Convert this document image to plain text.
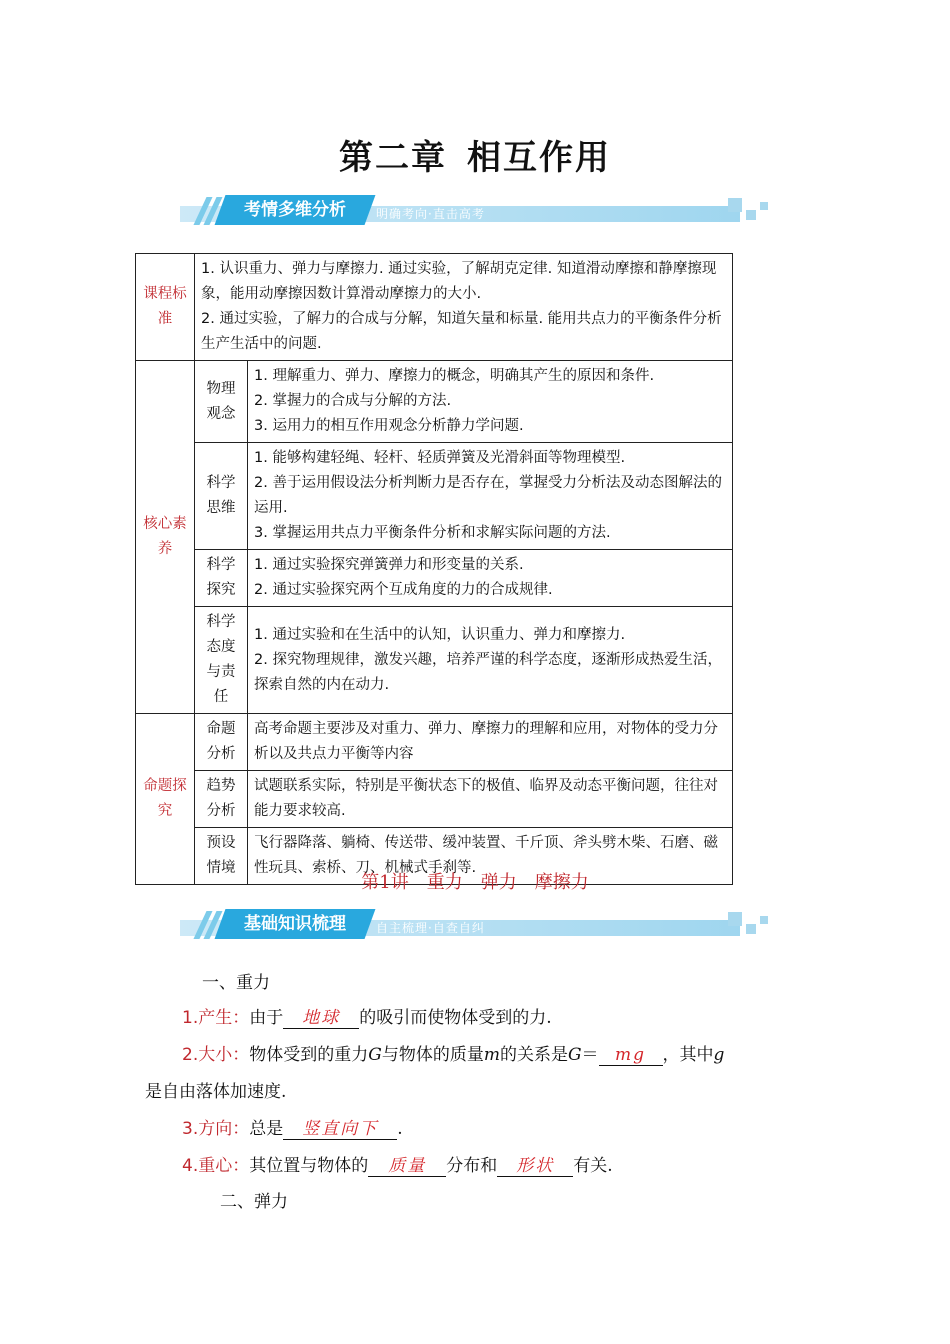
第二章 相互作用
考情多维分析	明确考向·直击高考
课程标准	1. 认识重力、弹力与摩擦力. 通过实验，了解胡克定律. 知道滑动摩擦和静摩擦现象，能用动摩擦因数计算滑动摩擦力的大小.

2. 通过实验，了解力的合成与分解，知道矢量和标量. 能用共点力的平衡条件分析生产生活中的问题.	

核心素养	物理观念	1. 理解重力、弹力、摩擦力的概念，明确其产生的原因和条件.

2. 掌握力的合成与分解的方法.

3. 运用力的相互作用观念分析静力学问题.

	科学思维	1. 能够构建轻绳、轻杆、轻质弹簧及光滑斜面等物理模型.

2. 善于运用假设法分析判断力是否存在，掌握受力分析法及动态图解法的运用.

3. 掌握运用共点力平衡条件分析和求解实际问题的方法.

	科学探究	1. 通过实验探究弹簧弹力和形变量的关系.

2. 通过实验探究两个互成角度的力的合成规律.

	科学态度与责任	1. 通过实验和在生活中的认知，认识重力、弹力和摩擦力.

2. 探究物理规律，激发兴趣，培养严谨的科学态度，逐渐形成热爱生活，探索自然的内在动力.

命题探究	命题分析	高考命题主要涉及对重力、弹力、摩擦力的理解和应用，对物体的受力分析以及共点力平衡等内容
	趋势分析	试题联系实际，特别是平衡状态下的极值、临界及动态平衡问题，往往对能力要求较高.
	预设情境	飞行器降落、躺椅、传送带、缓冲装置、千斤顶、斧头劈木柴、石磨、磁性玩具、索桥、刀、机械式手刹等.
第1讲 重力 弹力 摩擦力
基础知识梳理	自主梳理·自查自纠
一、重力
1.产生：由于 地球 的吸引而使物体受到的力.
2.大小：物体受到的重力G与物体的质量m的关系是G＝ mg ，其中g
是自由落体加速度.
3.方向：总是 竖直向下 .
4.重心：其位置与物体的 质量 分布和 形状 有关.
二、弹力
